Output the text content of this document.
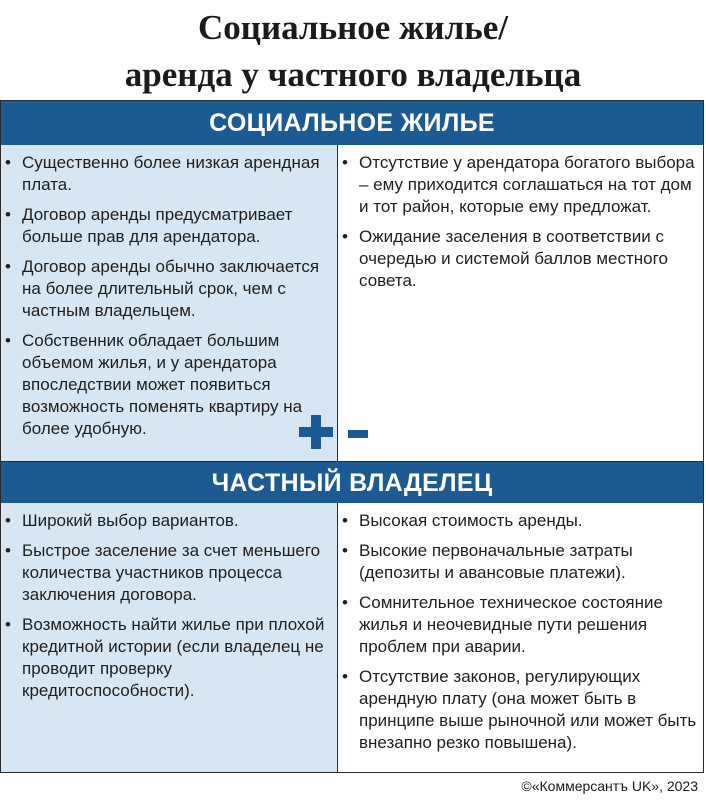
Социальное жилье/
аренда у частного владельца
СОЦИАЛЬНОЕ ЖИЛЬЕ
• Существенно более низкая арендная плата.
• Договор аренды предусматривает больше прав для арендатора.
• Договор аренды обычно заключается на более длительный срок, чем с частным владельцем.
• Собственник обладает большим объемом жилья, и у арендатора впоследствии может появиться возможность поменять квартиру на более удобную.
• Отсутствие у арендатора богатого выбора – ему приходится соглашаться на тот дом и тот район, которые ему предложат.
• Ожидание заселения в соответствии с очередью и системой баллов местного совета.
ЧАСТНЫЙ ВЛАДЕЛЕЦ
• Широкий выбор вариантов.
• Быстрое заселение за счет меньшего количества участников процесса заключения договора.
• Возможность найти жилье при плохой кредитной истории (если владелец не проводит проверку кредитоспособности).
• Высокая стоимость аренды.
• Высокие первоначальные затраты (депозиты и авансовые платежи).
• Сомнительное техническое состояние жилья и неочевидные пути решения проблем при аварии.
• Отсутствие законов, регулирующих арендную плату (она может быть в принципе выше рыночной или может быть внезапно резко повышена).
©«Коммерсантъ UK», 2023
